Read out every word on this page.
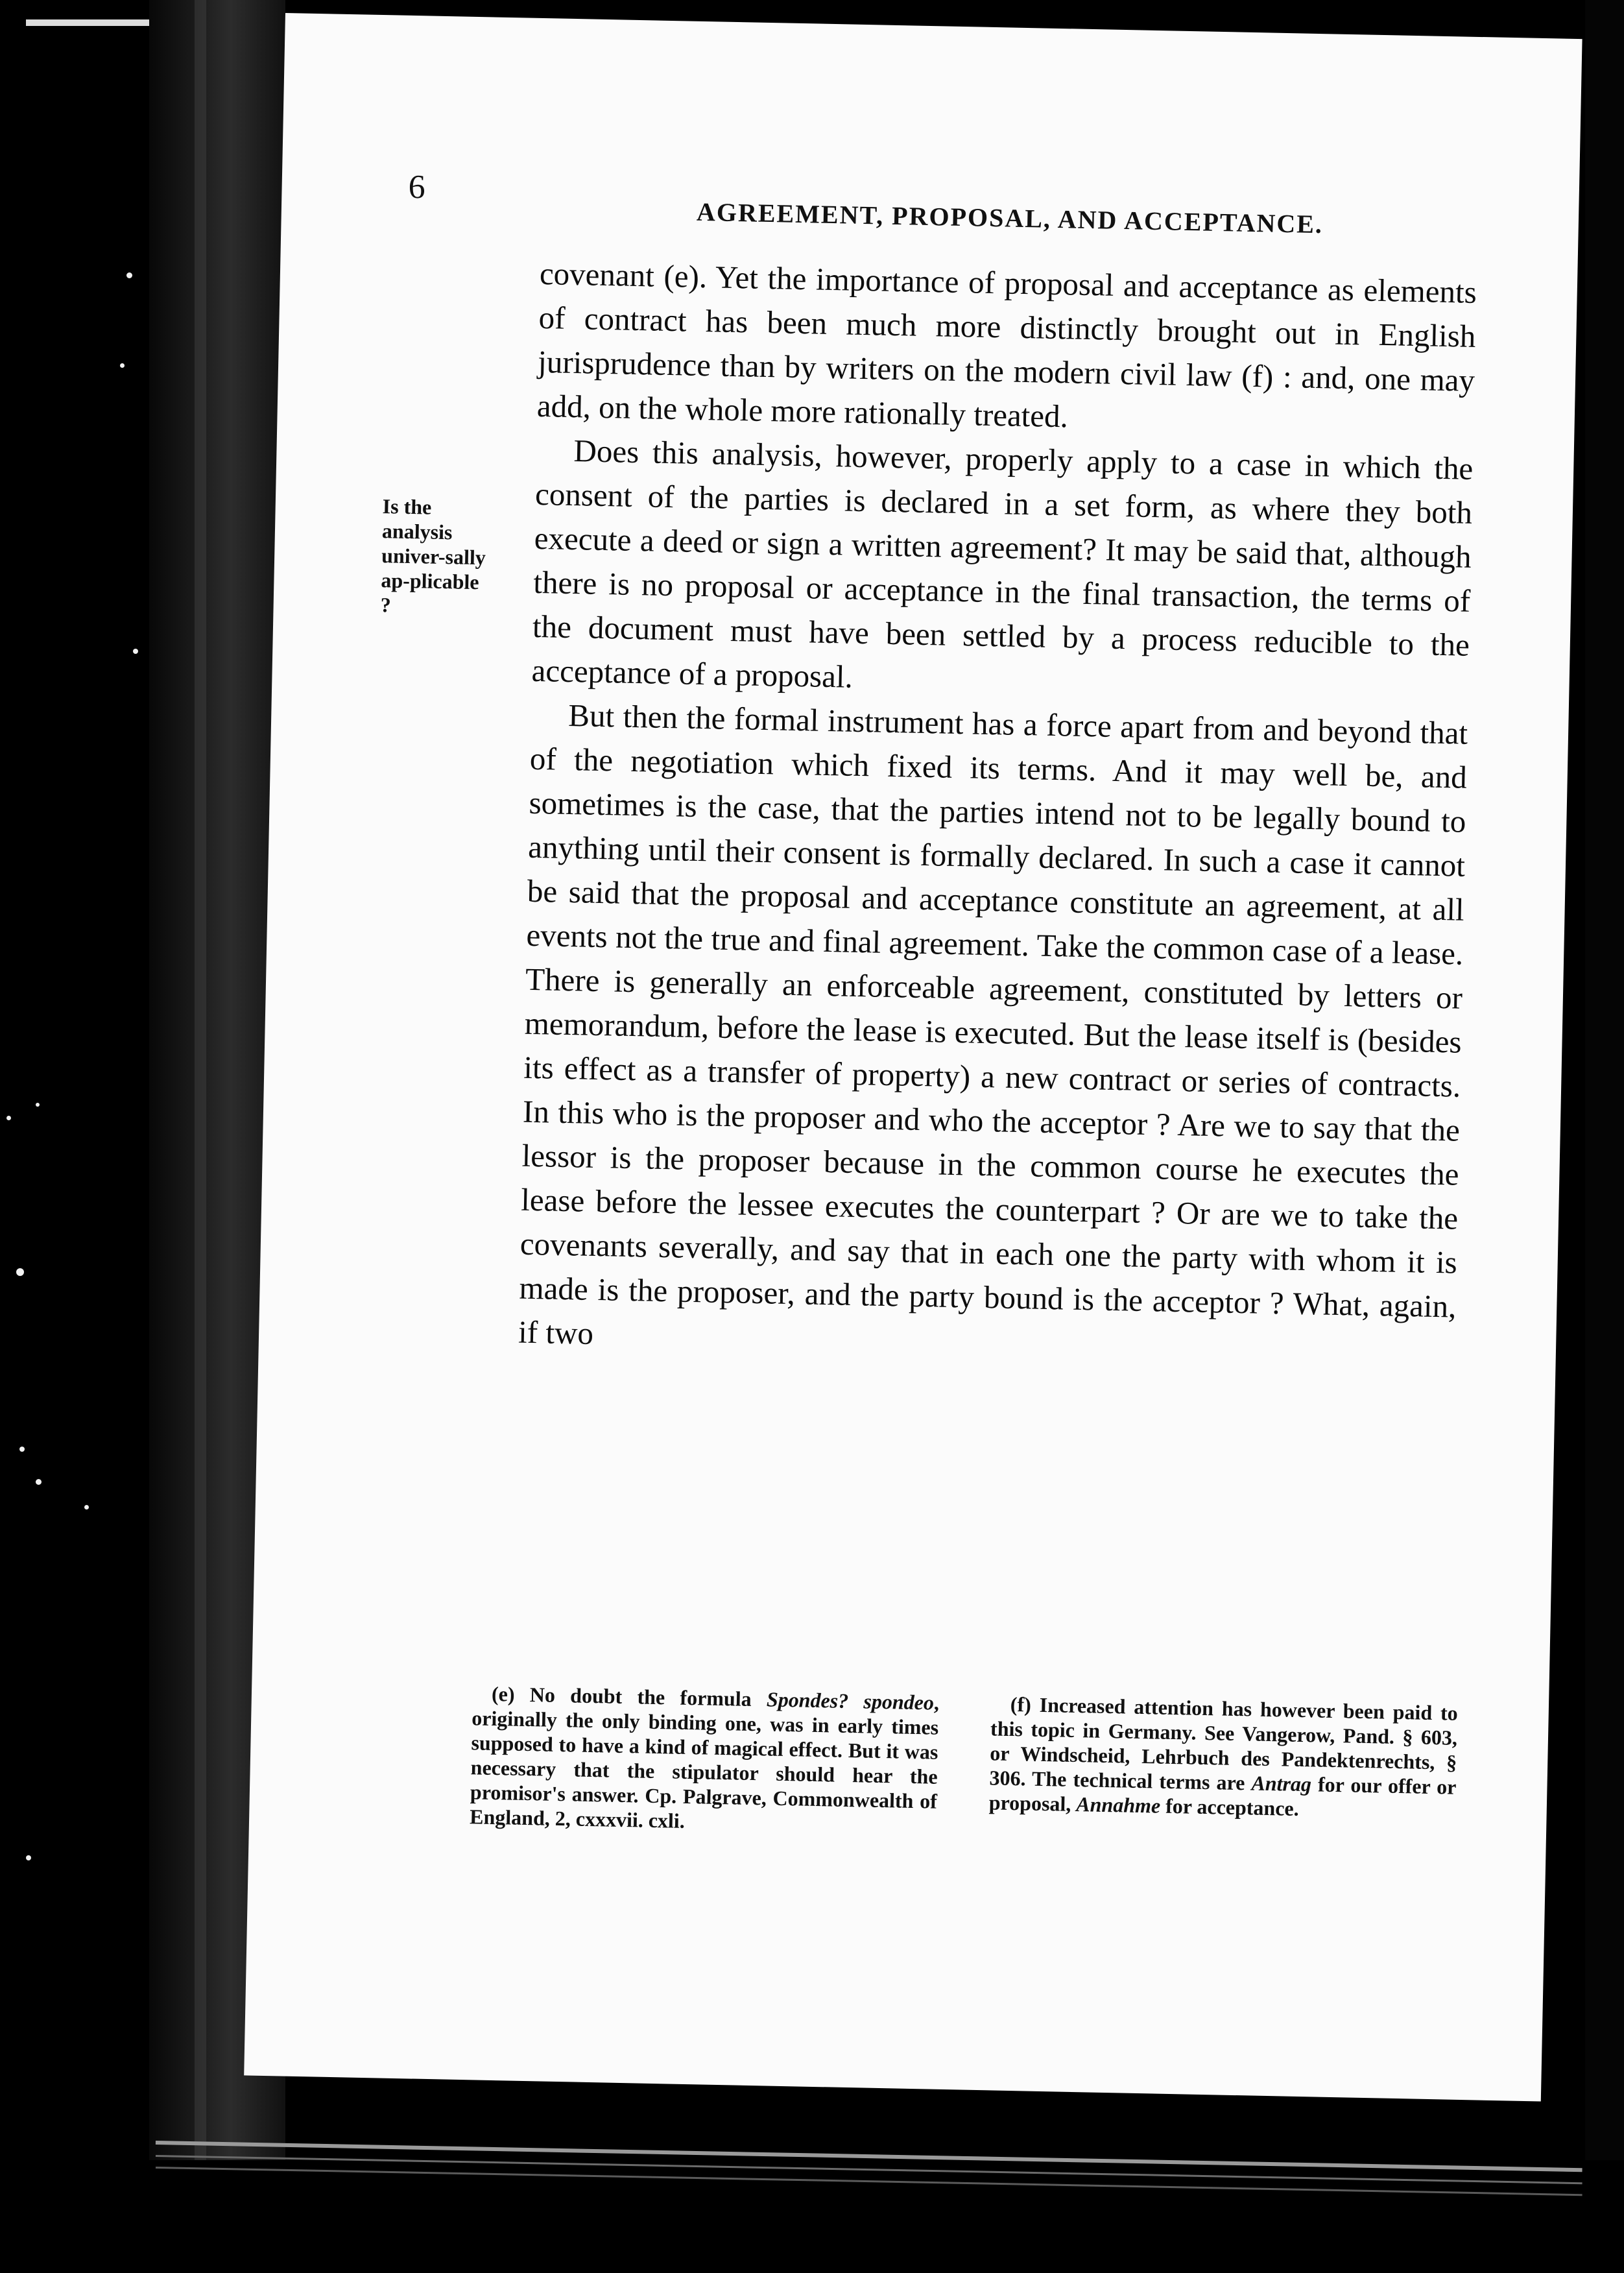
6
AGREEMENT, PROPOSAL, AND ACCEPTANCE.
Is the analysis univer-sally ap-plicable ?

covenant (e). Yet the importance of proposal and acceptance as elements of contract has been much more distinctly brought out in English jurisprudence than by writers on the modern civil law (f) : and, one may add, on the whole more rationally treated.

Does this analysis, however, properly apply to a case in which the consent of the parties is declared in a set form, as where they both execute a deed or sign a written agreement? It may be said that, although there is no proposal or acceptance in the final transaction, the terms of the document must have been settled by a process reducible to the acceptance of a proposal.

But then the formal instrument has a force apart from and beyond that of the negotiation which fixed its terms. And it may well be, and sometimes is the case, that the parties intend not to be legally bound to anything until their consent is formally declared. In such a case it cannot be said that the proposal and acceptance constitute an agreement, at all events not the true and final agreement. Take the common case of a lease. There is generally an enforceable agreement, constituted by letters or memorandum, before the lease is executed. But the lease itself is (besides its effect as a transfer of property) a new contract or series of contracts. In this who is the proposer and who the acceptor ? Are we to say that the lessor is the proposer because in the common course he executes the lease before the lessee executes the counterpart ? Or are we to take the covenants severally, and say that in each one the party with whom it is made is the proposer, and the party bound is the acceptor ? What, again, if two

(e) No doubt the formula Spondes? spondeo, originally the only binding one, was in early times supposed to have a kind of magical effect. But it was necessary that the stipulator should hear the promisor's answer. Cp. Palgrave, Commonwealth of England, 2, cxxxvii. cxli.

(f) Increased attention has however been paid to this topic in Germany. See Vangerow, Pand. § 603, or Windscheid, Lehrbuch des Pandektenrechts, § 306. The technical terms are Antrag for our offer or proposal, Annahme for acceptance.
